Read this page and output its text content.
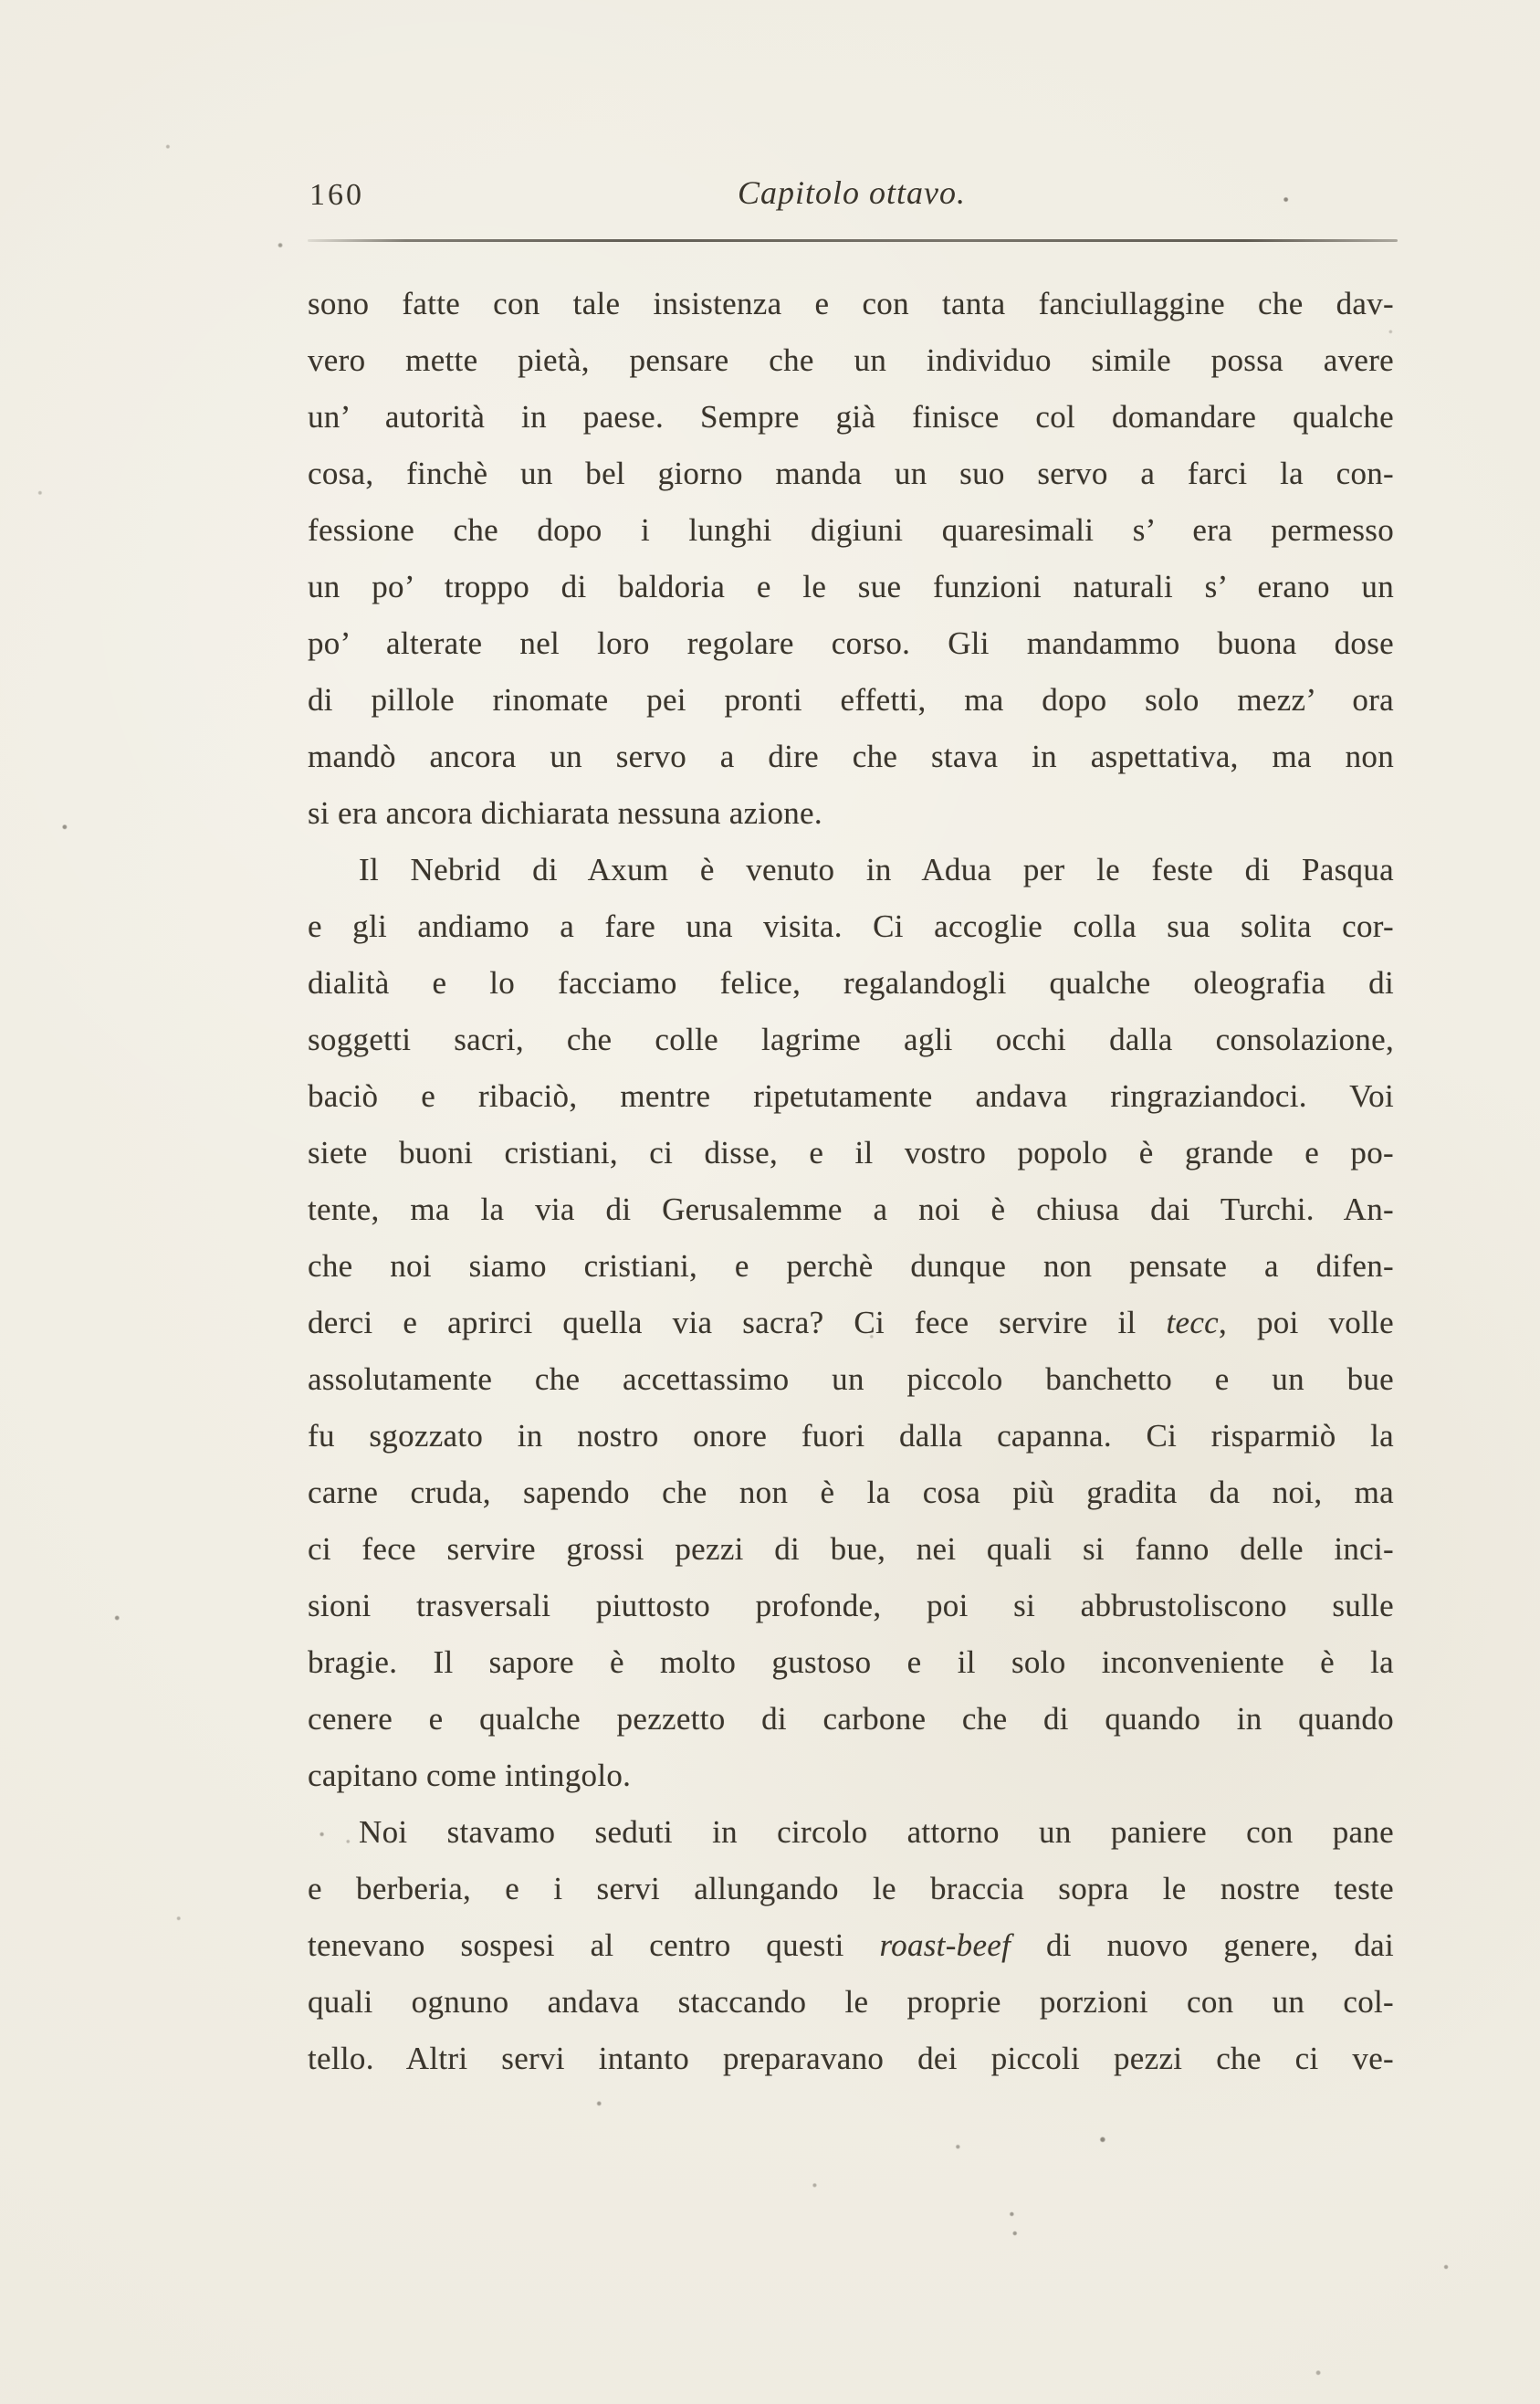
160	Capitolo ottavo.
sono fatte con tale insistenza e con tanta fanciullaggine che dav-
vero mette pietà, pensare che un individuo simile possa avere
un’ autorità in paese. Sempre già finisce col domandare qualche
cosa, finchè un bel giorno manda un suo servo a farci la con-
fessione che dopo i lunghi digiuni quaresimali s’ era permesso
un po’ troppo di baldoria e le sue funzioni naturali s’ erano un
po’ alterate nel loro regolare corso. Gli mandammo buona dose
di pillole rinomate pei pronti effetti, ma dopo solo mezz’ ora
mandò ancora un servo a dire che stava in aspettativa, ma non
si era ancora dichiarata nessuna azione.
Il Nebrid di Axum è venuto in Adua per le feste di Pasqua
e gli andiamo a fare una visita. Ci accoglie colla sua solita cor-
dialità e lo facciamo felice, regalandogli qualche oleografia di
soggetti sacri, che colle lagrime agli occhi dalla consolazione,
baciò e ribaciò, mentre ripetutamente andava ringraziandoci. Voi
siete buoni cristiani, ci disse, e il vostro popolo è grande e po-
tente, ma la via di Gerusalemme a noi è chiusa dai Turchi. An-
che noi siamo cristiani, e perchè dunque non pensate a difen-
derci e aprirci quella via sacra? Ci fece servire il tecc, poi volle
assolutamente che accettassimo un piccolo banchetto e un bue
fu sgozzato in nostro onore fuori dalla capanna. Ci risparmiò la
carne cruda, sapendo che non è la cosa più gradita da noi, ma
ci fece servire grossi pezzi di bue, nei quali si fanno delle inci-
sioni trasversali piuttosto profonde, poi si abbrustoliscono sulle
bragie. Il sapore è molto gustoso e il solo inconveniente è la
cenere e qualche pezzetto di carbone che di quando in quando
capitano come intingolo.
Noi stavamo seduti in circolo attorno un paniere con pane
e berberia, e i servi allungando le braccia sopra le nostre teste
tenevano sospesi al centro questi roast-beef di nuovo genere, dai
quali ognuno andava staccando le proprie porzioni con un col-
tello. Altri servi intanto preparavano dei piccoli pezzi che ci ve-
